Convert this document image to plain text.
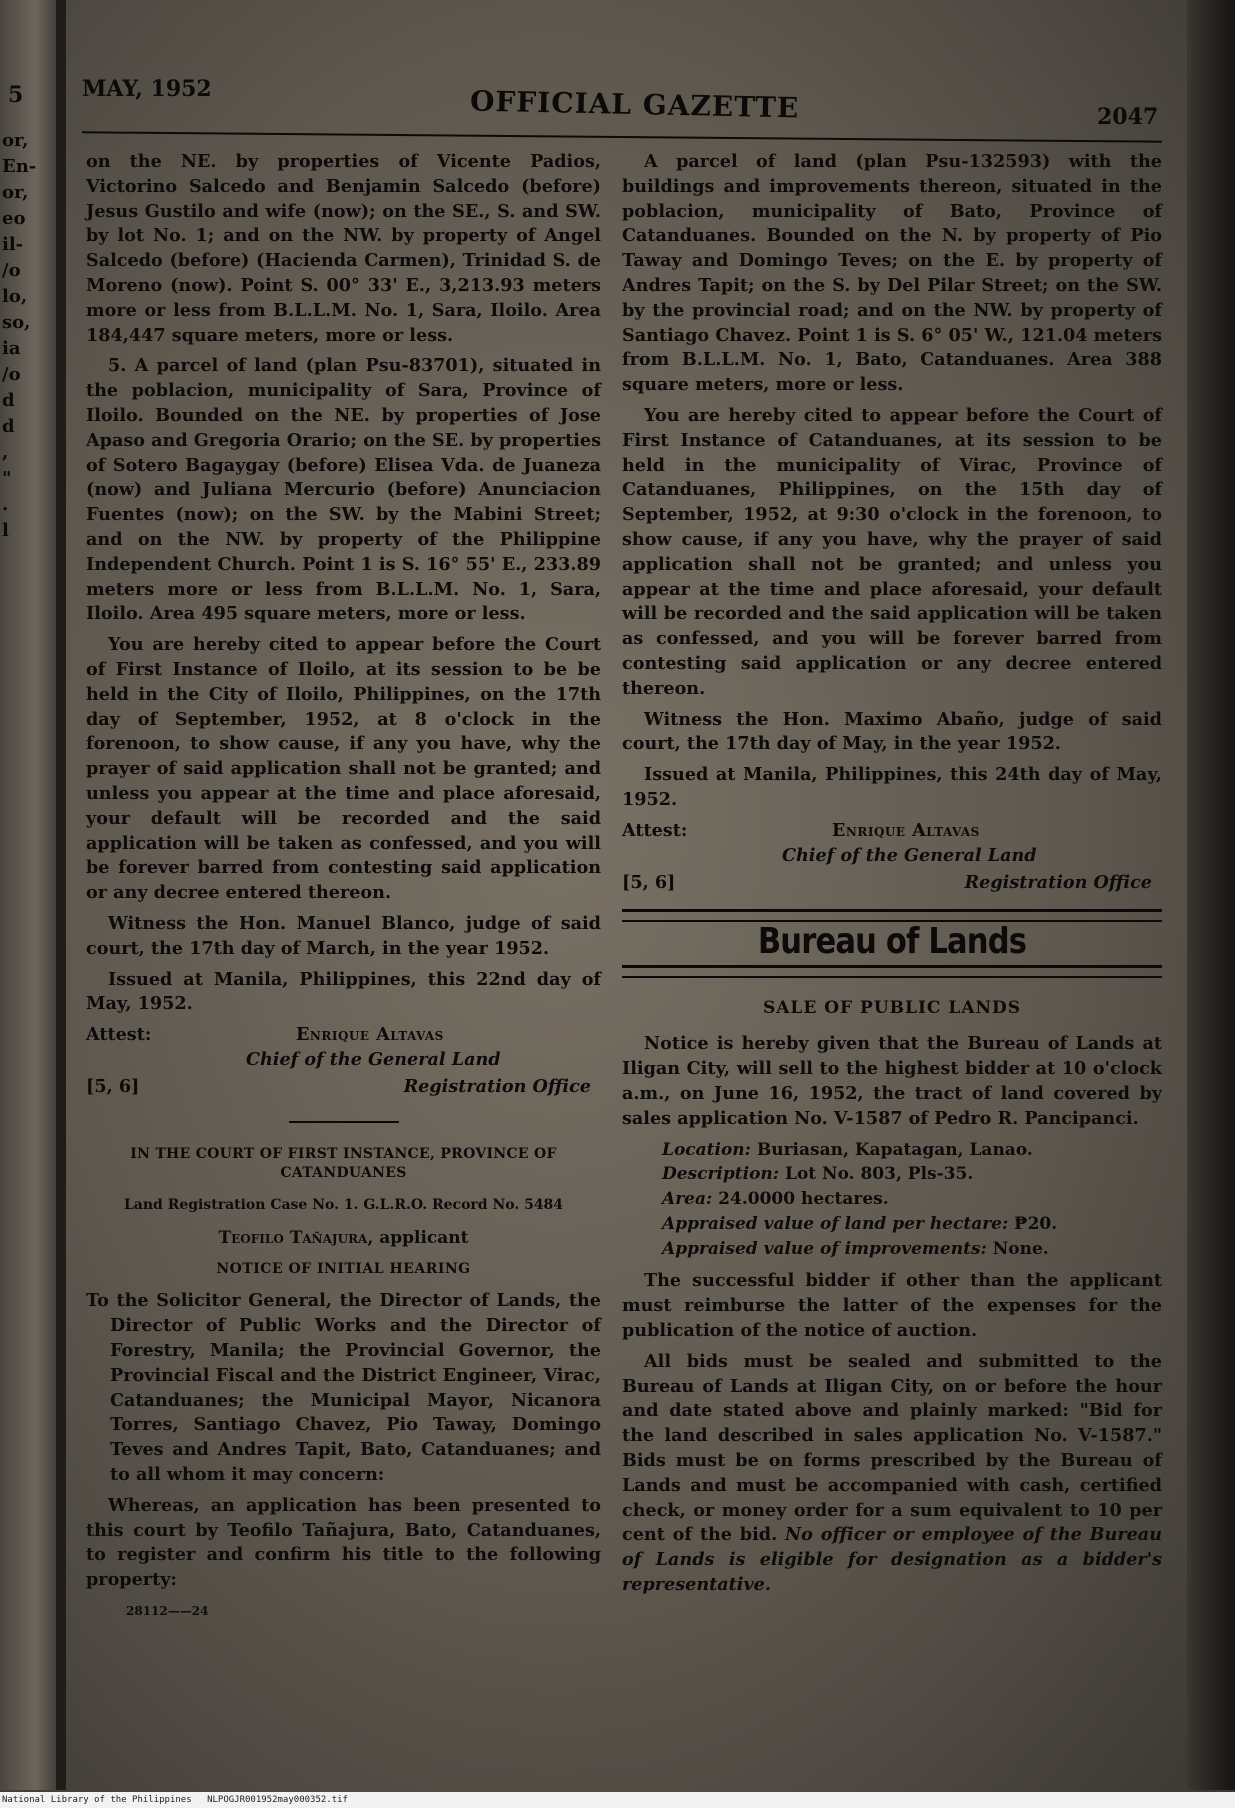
5
or,
En-
or,
eo
il-
/o
lo,
so,
ia
/o
d
d
,
"
.
l
MAY, 1952	OFFICIAL GAZETTE	2047

on the NE. by properties of Vicente Padios, Victorino Salcedo and Benjamin Salcedo (before) Jesus Gustilo and wife (now); on the SE., S. and SW. by lot No. 1; and on the NW. by property of Angel Salcedo (before) (Hacienda Carmen), Trinidad S. de Moreno (now). Point S. 00° 33' E., 3,213.93 meters more or less from B.L.L.M. No. 1, Sara, Iloilo. Area 184,447 square meters, more or less.

5. A parcel of land (plan Psu-83701), situated in the poblacion, municipality of Sara, Province of Iloilo. Bounded on the NE. by properties of Jose Apaso and Gregoria Orario; on the SE. by properties of Sotero Bagaygay (before) Elisea Vda. de Juaneza (now) and Juliana Mercurio (before) Anunciacion Fuentes (now); on the SW. by the Mabini Street; and on the NW. by property of the Philippine Independent Church. Point 1 is S. 16° 55' E., 233.89 meters more or less from B.L.L.M. No. 1, Sara, Iloilo. Area 495 square meters, more or less.

You are hereby cited to appear before the Court of First Instance of Iloilo, at its session to be be held in the City of Iloilo, Philippines, on the 17th day of September, 1952, at 8 o'clock in the forenoon, to show cause, if any you have, why the prayer of said application shall not be granted; and unless you appear at the time and place aforesaid, your default will be recorded and the said application will be taken as confessed, and you will be forever barred from contesting said application or any decree entered thereon.

Witness the Hon. Manuel Blanco, judge of said court, the 17th day of March, in the year 1952.

Issued at Manila, Philippines, this 22nd day of May, 1952.

Attest:	Enrique Altavas
Chief of the General Land
[5, 6]	Registration Office
IN THE COURT OF FIRST INSTANCE, PROVINCE OF CATANDUANES
Land Registration Case No. 1. G.L.R.O. Record No. 5484
Teofilo Tañajura, applicant
NOTICE OF INITIAL HEARING

To the Solicitor General, the Director of Lands, the Director of Public Works and the Director of Forestry, Manila; the Provincial Governor, the Provincial Fiscal and the District Engineer, Virac, Catanduanes; the Municipal Mayor, Nicanora Torres, Santiago Chavez, Pio Taway, Domingo Teves and Andres Tapit, Bato, Catanduanes; and to all whom it may concern:

Whereas, an application has been presented to this court by Teofilo Tañajura, Bato, Catanduanes, to register and confirm his title to the following property:

28112——24

A parcel of land (plan Psu-132593) with the buildings and improvements thereon, situated in the poblacion, municipality of Bato, Province of Catanduanes. Bounded on the N. by property of Pio Taway and Domingo Teves; on the E. by property of Andres Tapit; on the S. by Del Pilar Street; on the SW. by the provincial road; and on the NW. by property of Santiago Chavez. Point 1 is S. 6° 05' W., 121.04 meters from B.L.L.M. No. 1, Bato, Catanduanes. Area 388 square meters, more or less.

You are hereby cited to appear before the Court of First Instance of Catanduanes, at its session to be held in the municipality of Virac, Province of Catanduanes, Philippines, on the 15th day of September, 1952, at 9:30 o'clock in the forenoon, to show cause, if any you have, why the prayer of said application shall not be granted; and unless you appear at the time and place aforesaid, your default will be recorded and the said application will be taken as confessed, and you will be forever barred from contesting said application or any decree entered thereon.

Witness the Hon. Maximo Abaño, judge of said court, the 17th day of May, in the year 1952.

Issued at Manila, Philippines, this 24th day of May, 1952.

Attest:	Enrique Altavas
Chief of the General Land
[5, 6]	Registration Office
Bureau of Lands
SALE OF PUBLIC LANDS

Notice is hereby given that the Bureau of Lands at Iligan City, will sell to the highest bidder at 10 o'clock a.m., on June 16, 1952, the tract of land covered by sales application No. V-1587 of Pedro R. Pancipanci.

Location: Buriasan, Kapatagan, Lanao.
Description: Lot No. 803, Pls-35.
Area: 24.0000 hectares.
Appraised value of land per hectare: ₱20.
Appraised value of improvements: None.

The successful bidder if other than the applicant must reimburse the latter of the expenses for the publication of the notice of auction.

All bids must be sealed and submitted to the Bureau of Lands at Iligan City, on or before the hour and date stated above and plainly marked: "Bid for the land described in sales application No. V-1587." Bids must be on forms prescribed by the Bureau of Lands and must be accompanied with cash, certified check, or money order for a sum equivalent to 10 per cent of the bid. No officer or employee of the Bureau of Lands is eligible for designation as a bidder's representative.

National Library of the Philippines NLPOGJR001952may000352.tif
